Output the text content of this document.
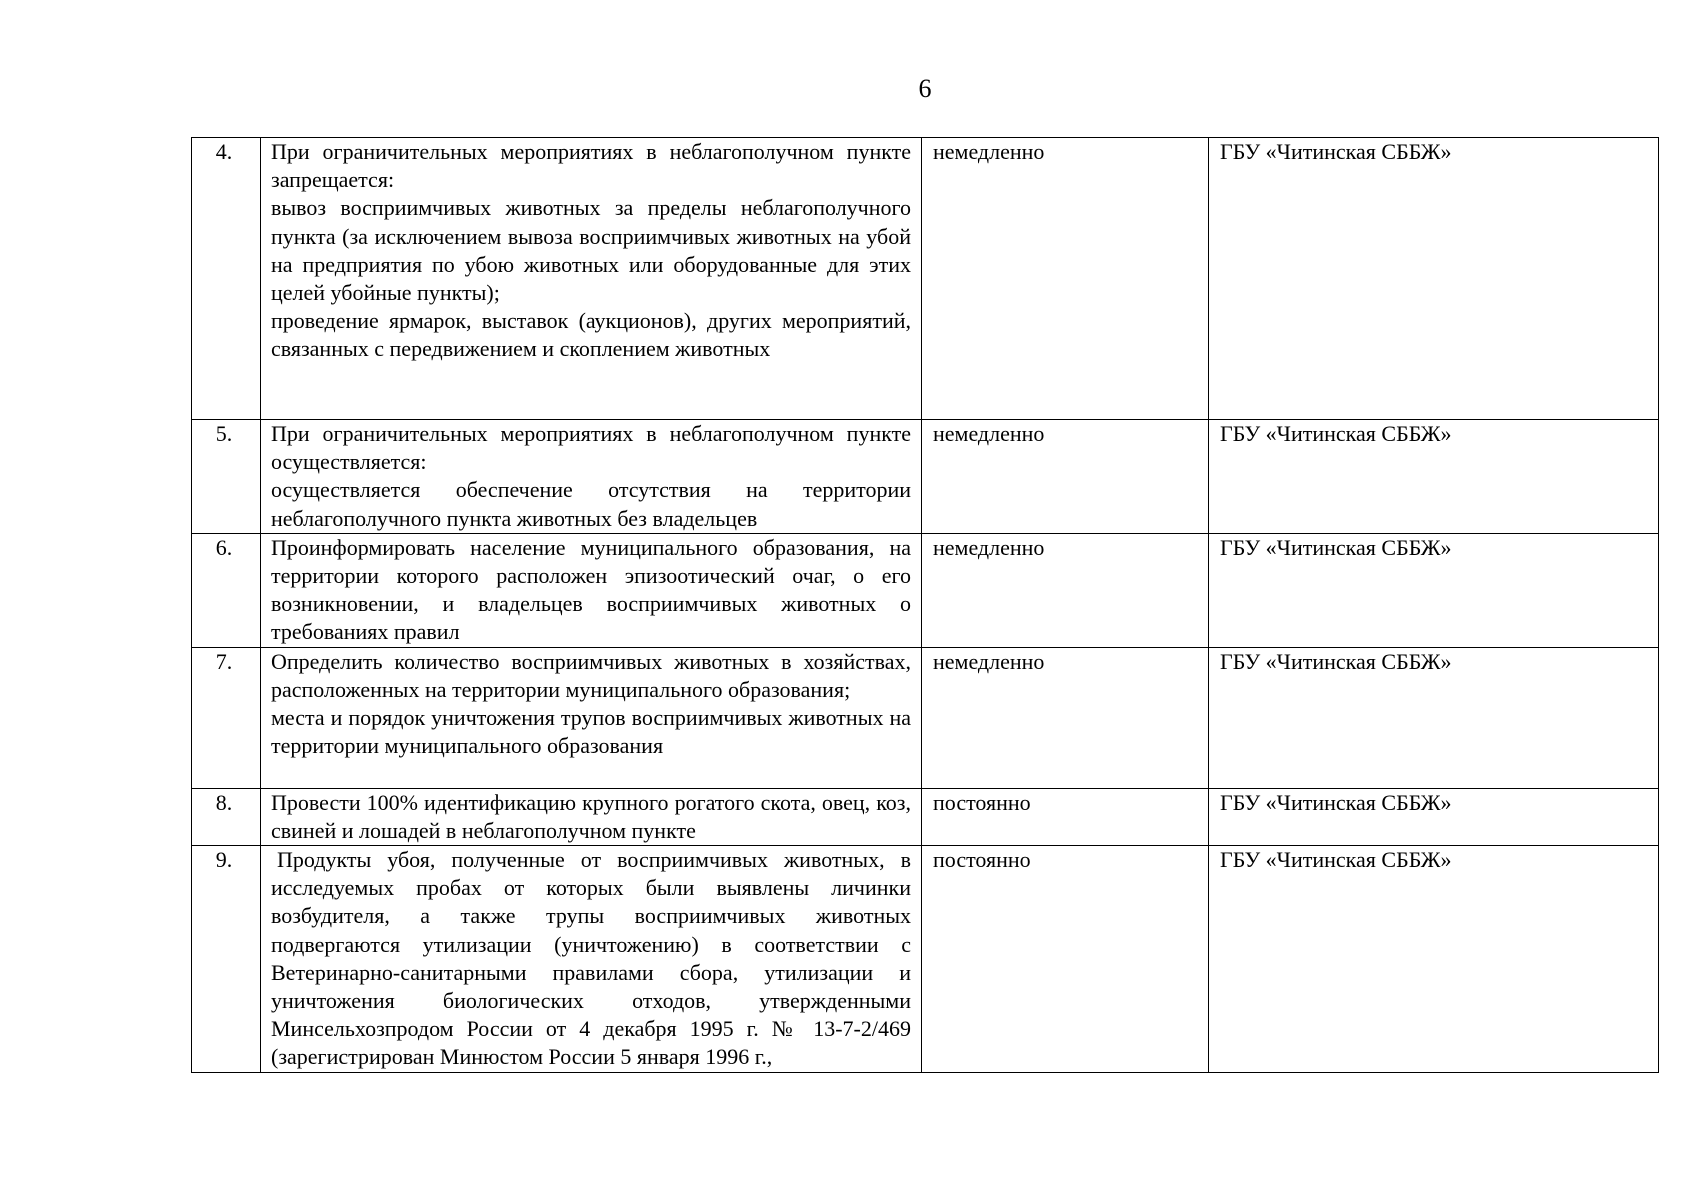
6
4.	При ограничительных мероприятиях в неблагополучном пункте запрещается:
вывоз восприимчивых животных за пределы неблагополучного пункта (за исключением вывоза восприимчивых животных на убой на предприятия по убою животных или оборудованные для этих целей убойные пункты);
проведение ярмарок, выставок (аукционов), других мероприятий, связанных с передвижением и скоплением животных	немедленно	ГБУ «Читинская СББЖ»
5.	При ограничительных мероприятиях в неблагополучном пункте осуществляется:
осуществляется обеспечение отсутствия на территории неблагополучного пункта животных без владельцев	немедленно	ГБУ «Читинская СББЖ»
6.	Проинформировать население муниципального образования, на территории которого расположен эпизоотический очаг, о его возникновении, и владельцев восприимчивых животных о требованиях правил	немедленно	ГБУ «Читинская СББЖ»
7.	Определить количество восприимчивых животных в хозяйствах, расположенных на территории муниципального образования;
места и порядок уничтожения трупов восприимчивых животных на территории муниципального образования	немедленно	ГБУ «Читинская СББЖ»
8.	Провести 100% идентификацию крупного рогатого скота, овец, коз, свиней и лошадей в неблагополучном пункте	постоянно	ГБУ «Читинская СББЖ»
9.	Продукты убоя, полученные от восприимчивых животных, в исследуемых пробах от которых были выявлены личинки возбудителя, а также трупы восприимчивых животных подвергаются утилизации (уничтожению) в соответствии с Ветеринарно-санитарными правилами сбора, утилизации и уничтожения биологических отходов, утвержденными Минсельхозпродом России от 4 декабря 1995 г. № 13-7-2/469 (зарегистрирован Минюстом России 5 января 1996 г.,	постоянно	ГБУ «Читинская СББЖ»
